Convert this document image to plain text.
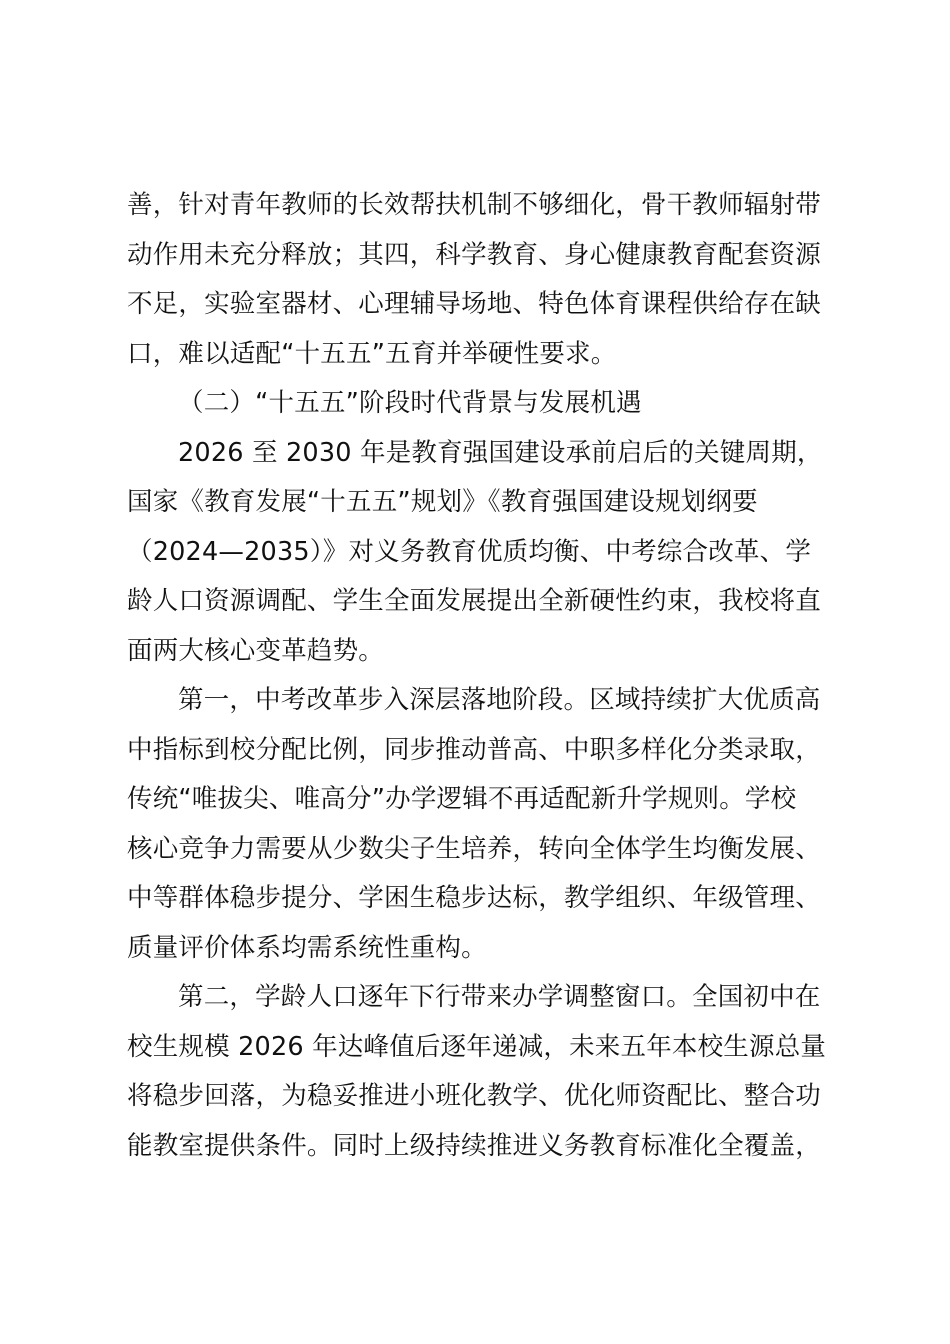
善，针对青年教师的长效帮扶机制不够细化，骨干教师辐射带
动作用未充分释放；其四，科学教育、身心健康教育配套资源
不足，实验室器材、心理辅导场地、特色体育课程供给存在缺
口，难以适配“十五五”五育并举硬性要求。
（二）“十五五”阶段时代背景与发展机遇
2026 至 2030 年是教育强国建设承前启后的关键周期，
国家《教育发展“十五五”规划》《教育强国建设规划纲要
（2024—2035）》对义务教育优质均衡、中考综合改革、学
龄人口资源调配、学生全面发展提出全新硬性约束，我校将直
面两大核心变革趋势。
第一，中考改革步入深层落地阶段。区域持续扩大优质高
中指标到校分配比例，同步推动普高、中职多样化分类录取，
传统“唯拔尖、唯高分”办学逻辑不再适配新升学规则。学校
核心竞争力需要从少数尖子生培养，转向全体学生均衡发展、
中等群体稳步提分、学困生稳步达标，教学组织、年级管理、
质量评价体系均需系统性重构。
第二，学龄人口逐年下行带来办学调整窗口。全国初中在
校生规模 2026 年达峰值后逐年递减，未来五年本校生源总量
将稳步回落，为稳妥推进小班化教学、优化师资配比、整合功
能教室提供条件。同时上级持续推进义务教育标准化全覆盖，
